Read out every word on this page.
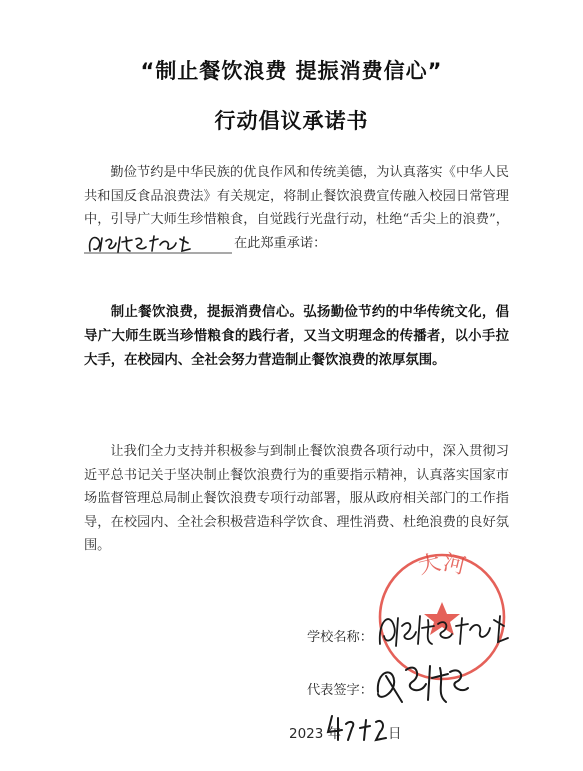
“制止餐饮浪费 提振消费信心”
行动倡议承诺书
勤俭节约是中华民族的优良作风和传统美德，为认真落实《中华人民共和国反食品浪费法》有关规定，将制止餐饮浪费宣传融入校园日常管理中，引导广大师生珍惜粮食，自觉践行光盘行动，杜绝“舌尖上的浪费”，在此郑重承诺：
制止餐饮浪费，提振消费信心。弘扬勤俭节约的中华传统文化，倡导广大师生既当珍惜粮食的践行者，又当文明理念的传播者，以小手拉大手，在校园内、全社会努力营造制止餐饮浪费的浓厚氛围。
让我们全力支持并积极参与到制止餐饮浪费各项行动中，深入贯彻习近平总书记关于坚决制止餐饮浪费行为的重要指示精神，认真落实国家市场监督管理总局制止餐饮浪费专项行动部署，服从政府相关部门的工作指导，在校园内、全社会积极营造科学饮食、理性消费、杜绝浪费的良好氛围。
大河
学校名称：
代表签字：
2023 年	日
